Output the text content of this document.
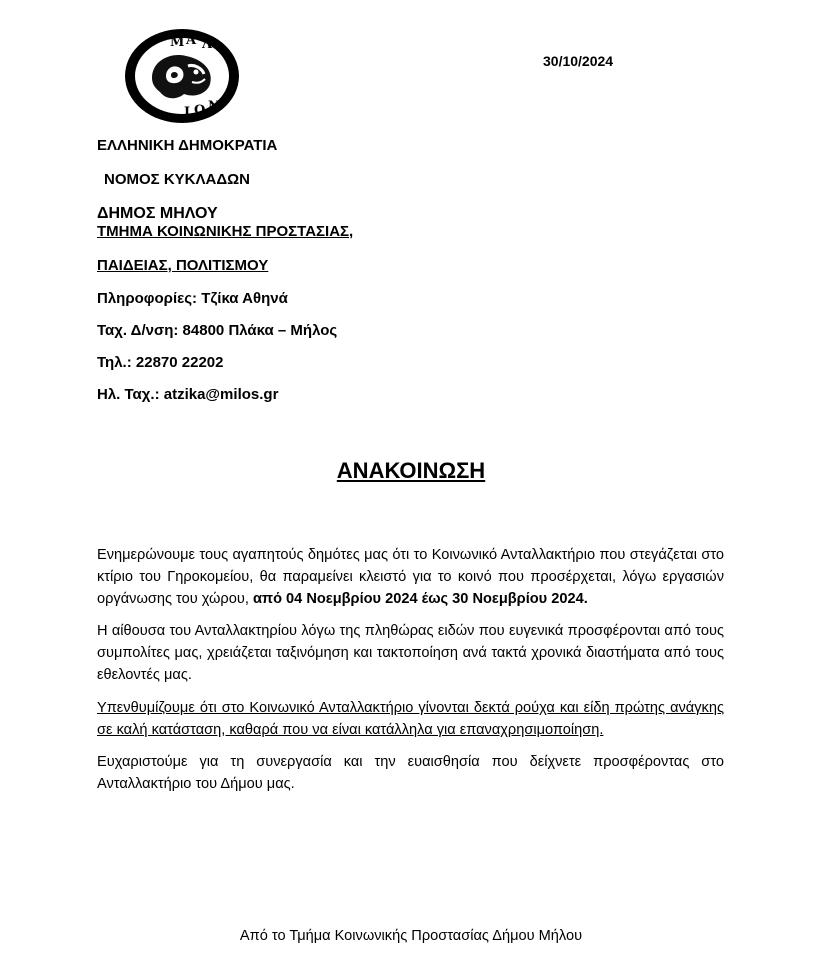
Μ Α Λ
Ι Ο Ν
30/10/2024
ΕΛΛΗΝΙΚΗ ΔΗΜΟΚΡΑΤΙΑ
ΝΟΜΟΣ ΚΥΚΛΑΔΩΝ
ΔΗΜΟΣ ΜΗΛΟΥ
ΤΜΗΜΑ ΚΟΙΝΩΝΙΚΗΣ ΠΡΟΣΤΑΣΙΑΣ,
ΠΑΙΔΕΙΑΣ, ΠΟΛΙΤΙΣΜΟΥ
Πληροφορίες: Τζίκα Αθηνά
Ταχ. Δ/νση: 84800 Πλάκα – Μήλος
Τηλ.: 22870 22202
Ηλ. Ταχ.: atzika@milos.gr
ΑΝΑΚΟΙΝΩΣΗ

Ενημερώνουμε τους αγαπητούς δημότες μας ότι το Κοινωνικό Ανταλλακτήριο που στεγάζεται στο κτίριο του Γηροκομείου, θα παραμείνει κλειστό για το κοινό που προσέρχεται, λόγω εργασιών οργάνωσης του χώρου, από 04 Νοεμβρίου 2024 έως 30 Νοεμβρίου 2024.

Η αίθουσα του Ανταλλακτηρίου λόγω της πληθώρας ειδών που ευγενικά προσφέρονται από τους συμπολίτες μας, χρειάζεται ταξινόμηση και τακτοποίηση ανά τακτά χρονικά διαστήματα από τους εθελοντές μας.

Υπενθυμίζουμε ότι στο Κοινωνικό Ανταλλακτήριο γίνονται δεκτά ρούχα και είδη πρώτης ανάγκης σε καλή κατάσταση, καθαρά που να είναι κατάλληλα για επαναχρησιμοποίηση.

Ευχαριστούμε για τη συνεργασία και την ευαισθησία που δείχνετε προσφέροντας στο Ανταλλακτήριο του Δήμου μας.

Από το Τμήμα Κοινωνικής Προστασίας Δήμου Μήλου
